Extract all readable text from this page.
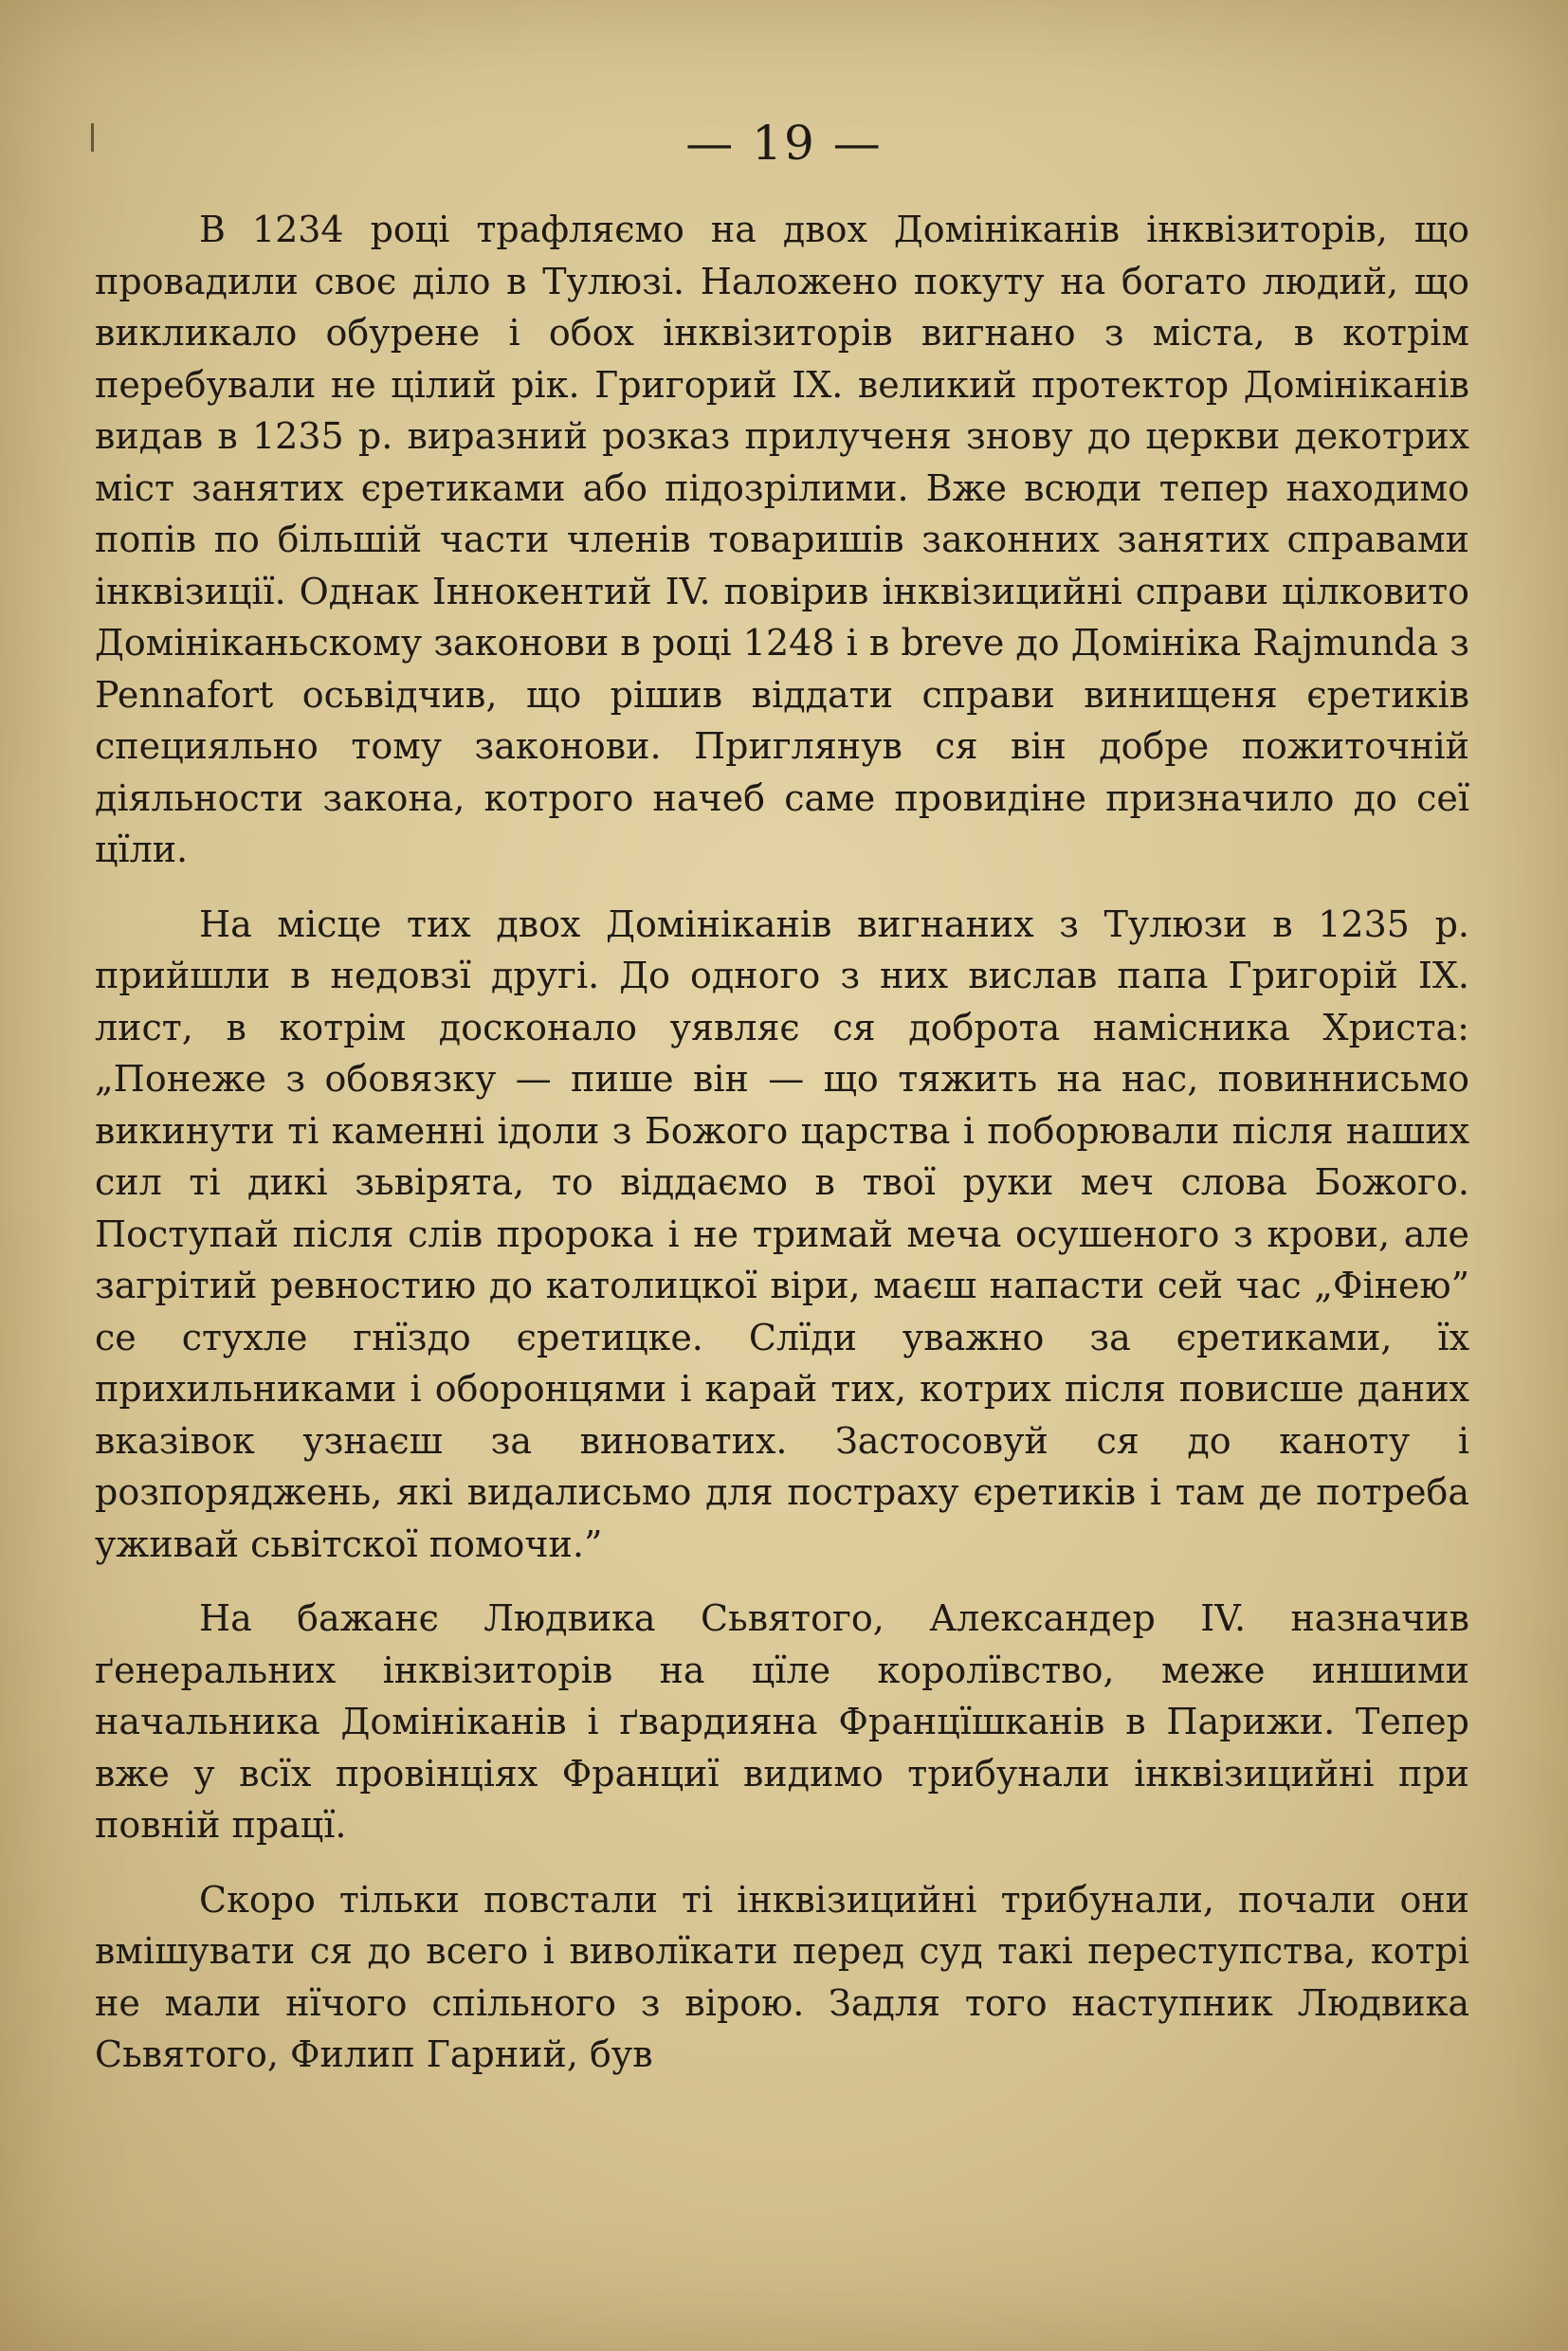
— 19 —

В 1234 році трафляємо на двох Домініканів інквізиторів, що провадили своє діло в Тулюзі. Наложено покуту на богато людий, що викликало обурене і обох інквізиторів вигнано з міста, в котрім перебували не цілий рік. Григорий IX. великий протектор Домініканів видав в 1235 р. виразний розказ прилученя знову до церкви декотрих міст занятих єретиками або підозрілими. Вже всюди тепер находимо попів по більшій части членів товаришів законних занятих справами інквізиції. Однак Іннокентий IV. повірив інквізицийні справи цілковито Домініканьскому законови в році 1248 і в breve до Домініка Rajmunda з Pennafort осьвідчив, що рішив віддати справи винищеня єретиків специяльно тому законови. Приглянув ся він добре пожиточній діяльности закона, котрого начеб саме провидіне призначило до сеї цїли.

На місце тих двох Домініканів вигнаних з Тулюзи в 1235 р. прийшли в недовзї другі. До одного з них вислав папа Григорій IX. лист, в котрім досконало уявляє ся доброта намісника Христа: „Понеже з обовязку — пише він — що тяжить на нас, повиннисьмо викинути ті каменні ідоли з Божого царства і поборювали після наших сил ті дикі зьвірята, то віддаємо в твої руки меч слова Божого. Поступай після слів пророка і не тримай меча осушеного з крови, але загрітий ревностию до католицкої віри, маєш напасти сей час „Фінею” се стухле гнїздо єретицке. Слїди уважно за єретиками, їх прихильниками і оборонцями і карай тих, котрих після повисше даних вказівок узнаєш за виноватих. Застосовуй ся до каноту і розпоряджень, які видалисьмо для постраху єретиків і там де потреба уживай сьвітскої помочи.”

На бажанє Людвика Сьвятого, Александер IV. назначив ґенеральних інквізиторів на цїле королївство, меже иншими начальника Домініканів і ґвардияна Францїшканів в Парижи. Тепер вже у всїх провінціях Франциї видимо трибунали інквізицийні при повній працї.

Скоро тільки повстали ті інквізицийні трибунали, почали они вмішувати ся до всего і виволїкати перед суд такі переступства, котрі не мали нїчого спільного з вірою. Задля того наступник Людвика Сьвятого, Филип Гарний, був
